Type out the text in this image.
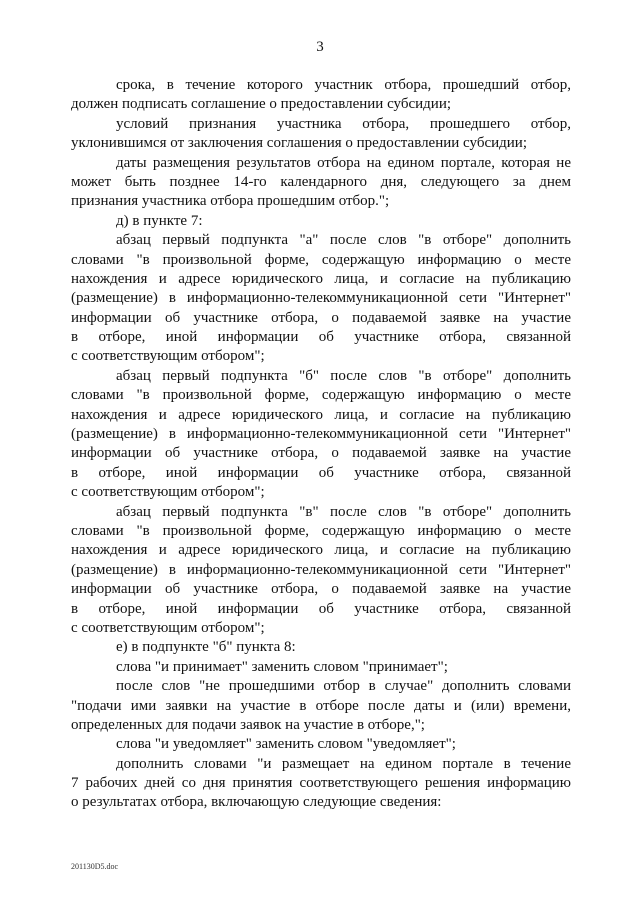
3
срока, в течение которого участник отбора, прошедший отбор,
должен подписать соглашение о предоставлении субсидии;
условий признания участника отбора, прошедшего отбор,
уклонившимся от заключения соглашения о предоставлении субсидии;
даты размещения результатов отбора на едином портале, которая не
может быть позднее 14-го календарного дня, следующего за днем
признания участника отбора прошедшим отбор.";
д) в пункте 7:
абзац первый подпункта "а" после слов "в отборе" дополнить
словами "в произвольной форме, содержащую информацию о месте
нахождения и адресе юридического лица, и согласие на публикацию
(размещение) в информационно-телекоммуникационной сети "Интернет"
информации об участнике отбора, о подаваемой заявке на участие
в отборе, иной информации об участнике отбора, связанной
с соответствующим отбором";
абзац первый подпункта "б" после слов "в отборе" дополнить
словами "в произвольной форме, содержащую информацию о месте
нахождения и адресе юридического лица, и согласие на публикацию
(размещение) в информационно-телекоммуникационной сети "Интернет"
информации об участнике отбора, о подаваемой заявке на участие
в отборе, иной информации об участнике отбора, связанной
с соответствующим отбором";
абзац первый подпункта "в" после слов "в отборе" дополнить
словами "в произвольной форме, содержащую информацию о месте
нахождения и адресе юридического лица, и согласие на публикацию
(размещение) в информационно-телекоммуникационной сети "Интернет"
информации об участнике отбора, о подаваемой заявке на участие
в отборе, иной информации об участнике отбора, связанной
с соответствующим отбором";
е) в подпункте "б" пункта 8:
слова "и принимает" заменить словом "принимает";
после слов "не прошедшими отбор в случае" дополнить словами
"подачи ими заявки на участие в отборе после даты и (или) времени,
определенных для подачи заявок на участие в отборе,";
слова "и уведомляет" заменить словом "уведомляет";
дополнить словами "и размещает на едином портале в течение
7 рабочих дней со дня принятия соответствующего решения информацию
о результатах отбора, включающую следующие сведения:
201130D5.doc
